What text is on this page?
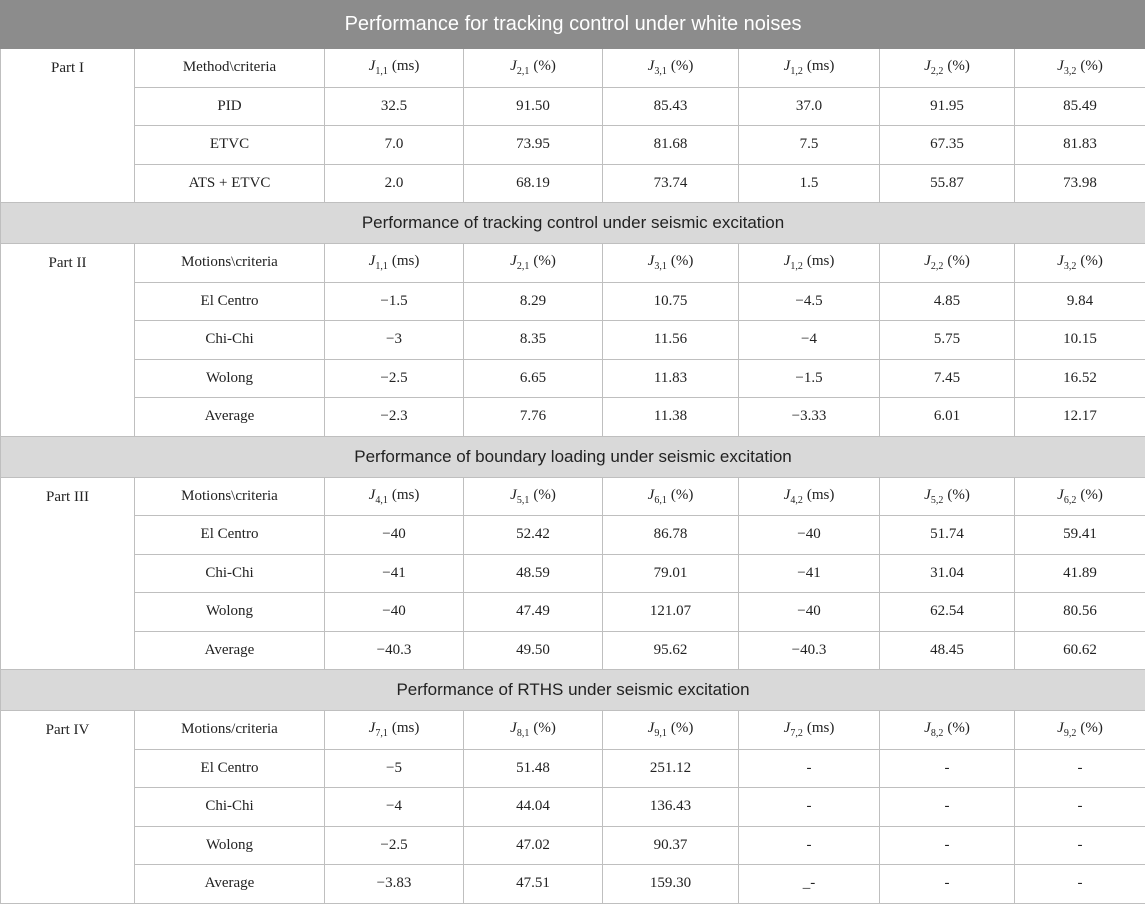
Performance for tracking control under white noises							
Part I	Method\criteria	$J_{1,1}$ (ms)	$J_{2,1}$ (%)	$J_{3,1}$ (%)	$J_{1,2}$ (ms)	$J_{2,2}$ (%)	$J_{3,2}$ (%)
	PID	32.5	91.50	85.43	37.0	91.95	85.49
	ETVC	7.0	73.95	81.68	7.5	67.35	81.83
	ATS + ETVC	2.0	68.19	73.74	1.5	55.87	73.98
Performance of tracking control under seismic excitation							
Part II	Motions\criteria	$J_{1,1}$ (ms)	$J_{2,1}$ (%)	$J_{3,1}$ (%)	$J_{1,2}$ (ms)	$J_{2,2}$ (%)	$J_{3,2}$ (%)
	El Centro	−1.5	8.29	10.75	−4.5	4.85	9.84
	Chi-Chi	−3	8.35	11.56	−4	5.75	10.15
	Wolong	−2.5	6.65	11.83	−1.5	7.45	16.52
	Average	−2.3	7.76	11.38	−3.33	6.01	12.17
Performance of boundary loading under seismic excitation							
Part III	Motions\criteria	$J_{4,1}$ (ms)	$J_{5,1}$ (%)	$J_{6,1}$ (%)	$J_{4,2}$ (ms)	$J_{5,2}$ (%)	$J_{6,2}$ (%)
	El Centro	−40	52.42	86.78	−40	51.74	59.41
	Chi-Chi	−41	48.59	79.01	−41	31.04	41.89
	Wolong	−40	47.49	121.07	−40	62.54	80.56
	Average	−40.3	49.50	95.62	−40.3	48.45	60.62
Performance of RTHS under seismic excitation							
Part IV	Motions/criteria	$J_{7,1}$ (ms)	$J_{8,1}$ (%)	$J_{9,1}$ (%)	$J_{7,2}$ (ms)	$J_{8,2}$ (%)	$J_{9,2}$ (%)
	El Centro	−5	51.48	251.12	-	-	-
	Chi-Chi	−4	44.04	136.43	-	-	-
	Wolong	−2.5	47.02	90.37	-	-	-
	Average	−3.83	47.51	159.30	_-	-	-
